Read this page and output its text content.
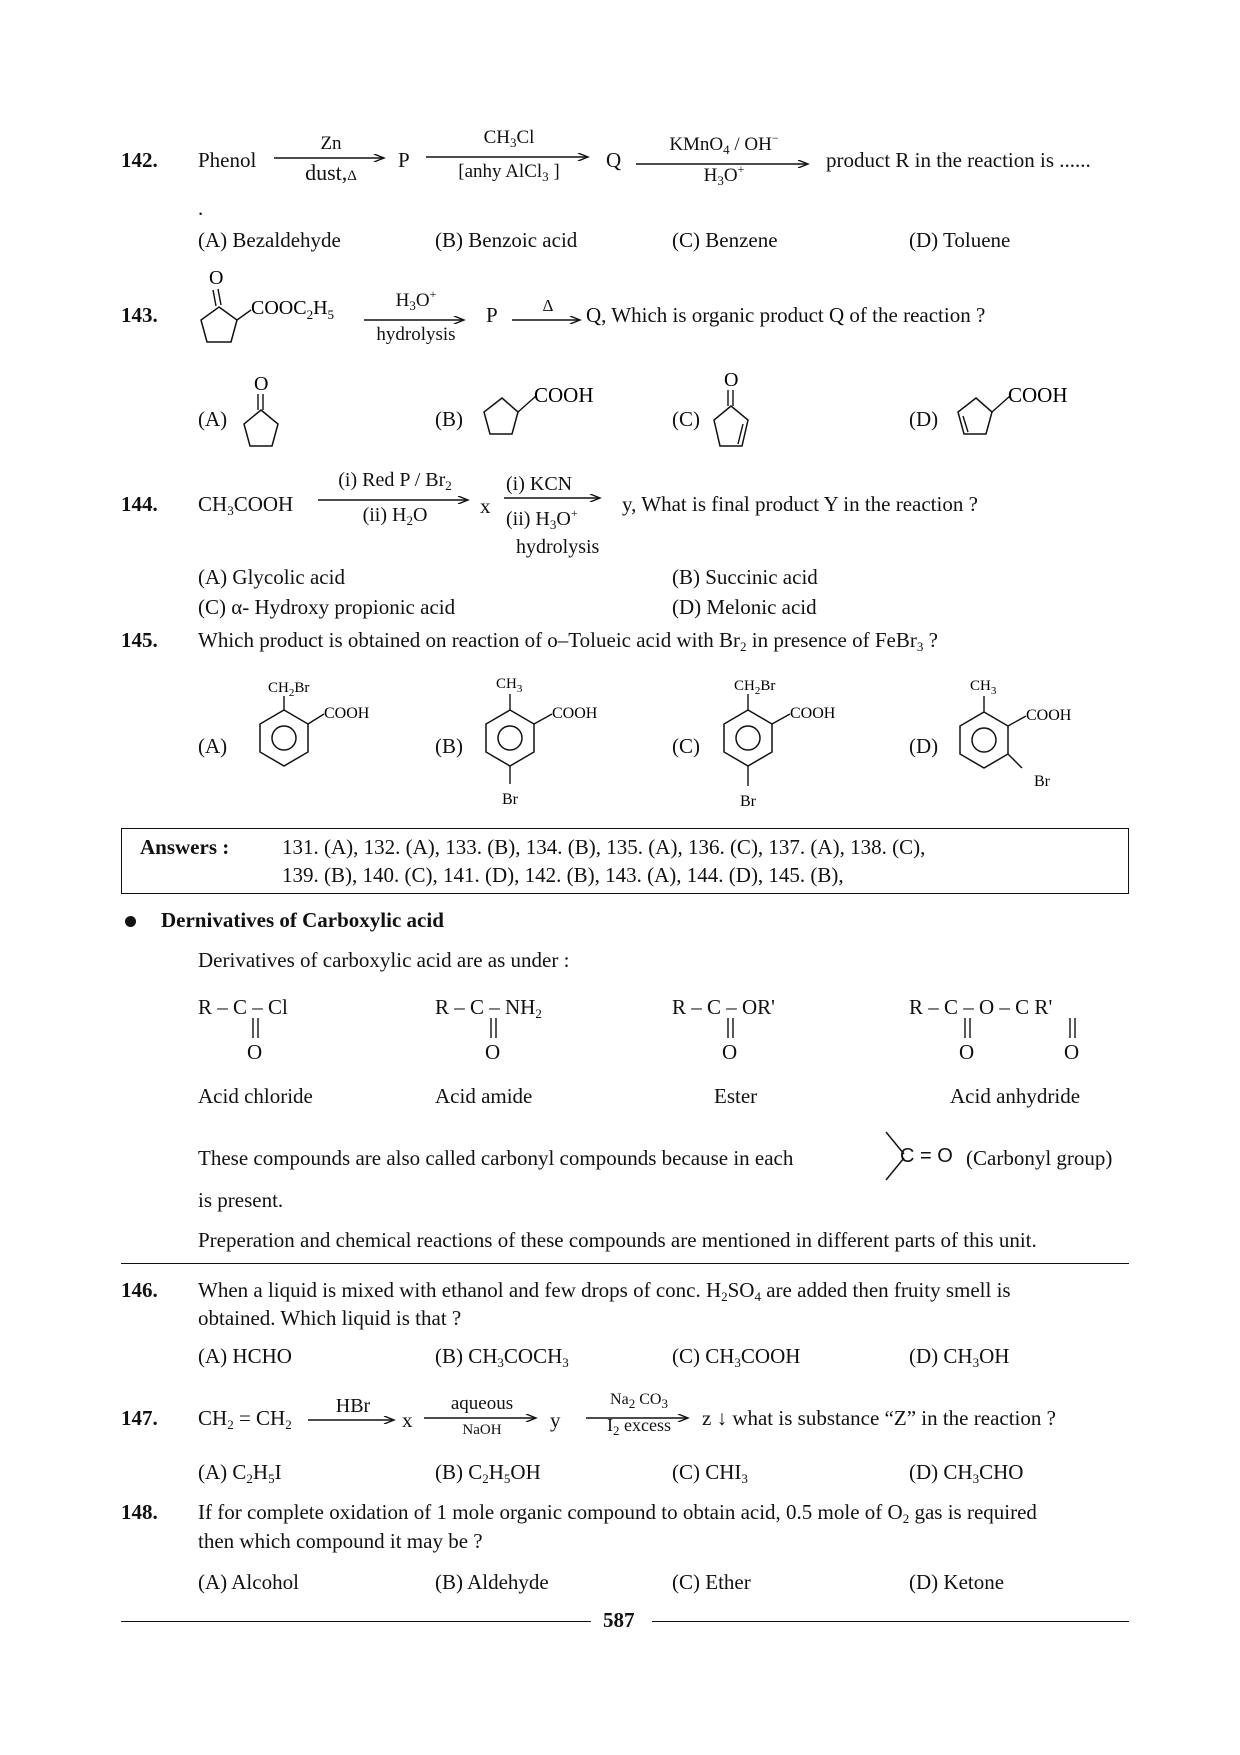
142. Phenol
Zn
dust,Δ
P
$CH_3Cl$
[anhy AlCl$_3$ ]	Q
KMnO$_4$ / OH−
$H_3O^+$	product R in the reaction is ......
.
(A) Bezaldehyde	(B) Benzoic acid	(C) Benzene	(D) Toluene
143.
O
$COOC_2H_5$
$H_3O^+$
hydrolysis
P	Δ	Q, Which is organic product Q of the reaction ?
(A)
O
(B)
COOH
(C)
O
(D)
COOH
144. $CH_3COOH$
(i) Red P / $Br_2$
(ii) $H_2O$	x
(i) KCN
(ii) $H_3O^+$
hydrolysis
y, What is final product Y in the reaction ?
(A) Glycolic acid	(B) Succinic acid
(C) α- Hydroxy propionic acid	(D) Melonic acid
145. Which product is obtained on reaction of o–Tolueic acid with $Br_2$ in presence of FeBr$_3$ ?
(A)
$CH_2Br$
COOH
(B)
$CH_3$
COOH
Br
(C)
$CH_2Br$
COOH
Br
(D)
$CH_3$
COOH
Br
Answers :	131. (A), 132. (A), 133. (B), 134. (B), 135. (A), 136. (C), 137. (A), 138. (C),
139. (B), 140. (C), 141. (D), 142. (B), 143. (A), 144. (D), 145. (B),
Dernivatives of Carboxylic acid
Derivatives of carboxylic acid are as under :
R – C – Cl
O
Acid chloride
R – C – $NH_2$
O
Acid amide
R – C – OR'
O
Ester
R – C – O – C R'
O	O
Acid anhydride
These compounds are also called carbonyl compounds because in each	C = O (Carbonyl group)
is present.
Preperation and chemical reactions of these compounds are mentioned in different parts of this unit.
146. When a liquid is mixed with ethanol and few drops of conc. $H_2SO_4$ are added then fruity smell is
obtained. Which liquid is that ?
(A) HCHO	(B) $CH_3COCH_3$	(C) $CH_3COOH$	(D) $CH_3OH$
147. $CH_2 = CH_2$
HBr
x
aqueous
NaOH	y
$Na_2$ $CO_3$
$I_2$ excess	z ↓ what is substance “Z” in the reaction ?
(A) $C_2H_5I$	(B) $C_2H_5OH$	(C) $CHI_3$	(D) $CH_3CHO$
148. If for complete oxidation of 1 mole organic compound to obtain acid, 0.5 mole of $O_2$ gas is required
then which compound it may be ?
(A) Alcohol	(B) Aldehyde	(C) Ether	(D) Ketone
587
